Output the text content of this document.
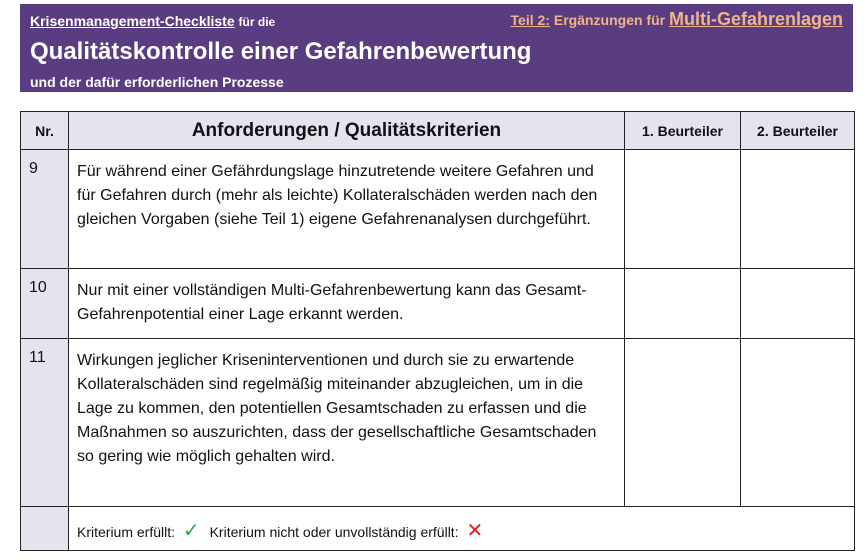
Krisenmanagement-Checkliste für die	Teil 2: Ergänzungen für Multi-Gefahrenlagen
Qualitätskontrolle einer Gefahrenbewertung
und der dafür erforderlichen Prozesse
Nr.	Anforderungen / Qualitätskriterien	1. Beurteiler	2. Beurteiler
9	Für während einer Gefährdungslage hinzutretende weitere Gefahren und für Gefahren durch (mehr als leichte) Kollateralschäden werden nach den gleichen Vorgaben (siehe Teil 1) eigene Gefahrenanalysen durchgeführt.		
10	Nur mit einer vollständigen Multi-Gefahrenbewertung kann das Gesamt-Gefahrenpotential einer Lage erkannt werden.		
11	Wirkungen jeglicher Kriseninterventionen und durch sie zu erwartende Kollateralschäden sind regelmäßig miteinander abzugleichen, um in die Lage zu kommen, den potentiellen Gesamtschaden zu erfassen und die Maßnahmen so auszurichten, dass der gesellschaftliche Gesamtschaden so gering wie möglich gehalten wird.		
	Kriterium erfüllt: ✓ Kriterium nicht oder unvollständig erfüllt: ✕		
